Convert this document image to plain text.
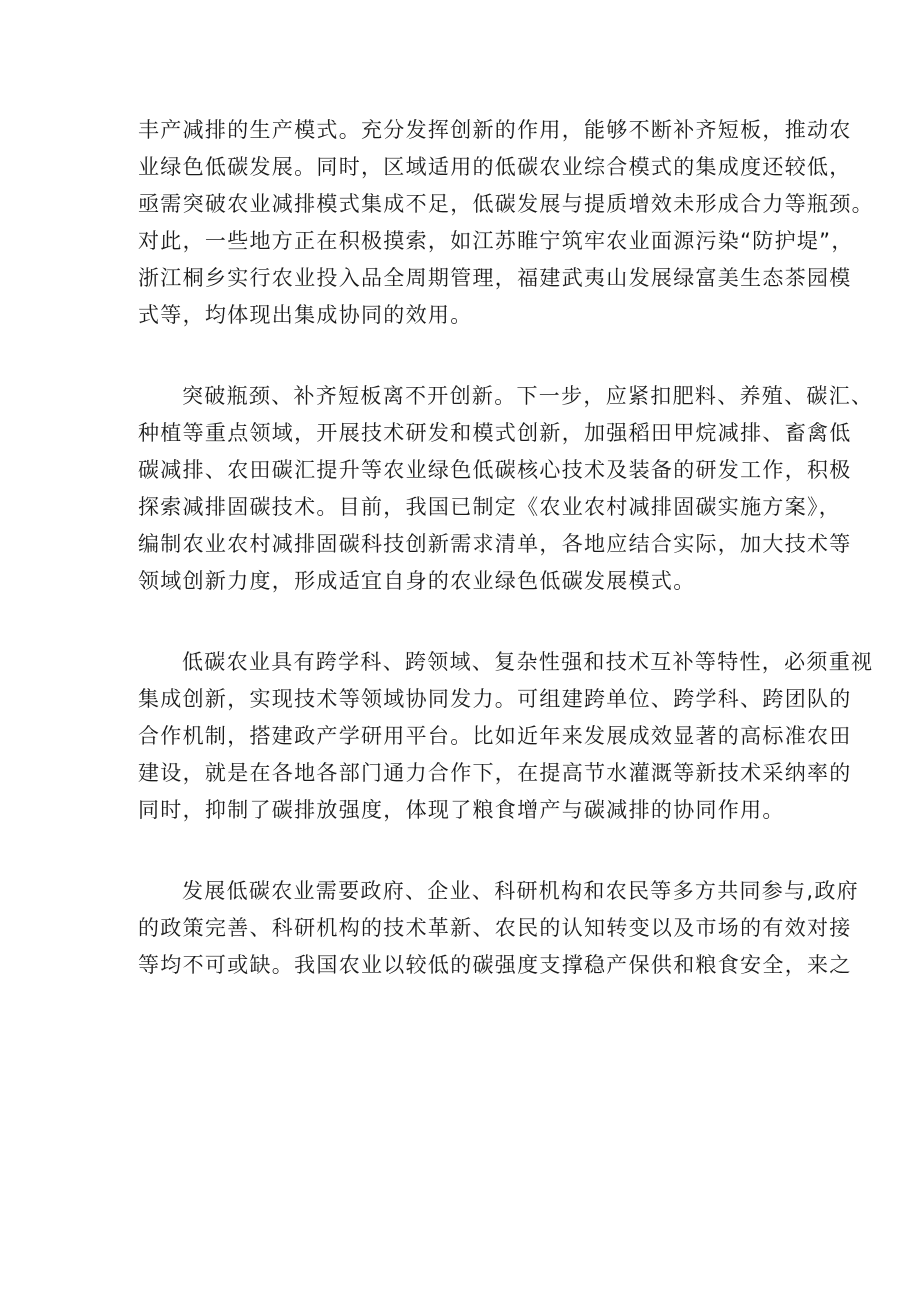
丰产减排的生产模式。充分发挥创新的作用，能够不断补齐短板，推动农
业绿色低碳发展。同时，区域适用的低碳农业综合模式的集成度还较低，
亟需突破农业减排模式集成不足，低碳发展与提质增效未形成合力等瓶颈。
对此，一些地方正在积极摸索，如江苏睢宁筑牢农业面源污染“防护堤”，
浙江桐乡实行农业投入品全周期管理，福建武夷山发展绿富美生态茶园模
式等，均体现出集成协同的效用。
突破瓶颈、补齐短板离不开创新。下一步，应紧扣肥料、养殖、碳汇、
种植等重点领域，开展技术研发和模式创新，加强稻田甲烷减排、畜禽低
碳减排、农田碳汇提升等农业绿色低碳核心技术及装备的研发工作，积极
探索减排固碳技术。目前，我国已制定《农业农村减排固碳实施方案》，
编制农业农村减排固碳科技创新需求清单，各地应结合实际，加大技术等
领域创新力度，形成适宜自身的农业绿色低碳发展模式。
低碳农业具有跨学科、跨领域、复杂性强和技术互补等特性，必须重视
集成创新，实现技术等领域协同发力。可组建跨单位、跨学科、跨团队的
合作机制，搭建政产学研用平台。比如近年来发展成效显著的高标准农田
建设，就是在各地各部门通力合作下，在提高节水灌溉等新技术采纳率的
同时，抑制了碳排放强度，体现了粮食增产与碳减排的协同作用。
发展低碳农业需要政府、企业、科研机构和农民等多方共同参与,政府
的政策完善、科研机构的技术革新、农民的认知转变以及市场的有效对接
等均不可或缺。我国农业以较低的碳强度支撑稳产保供和粮食安全，来之
